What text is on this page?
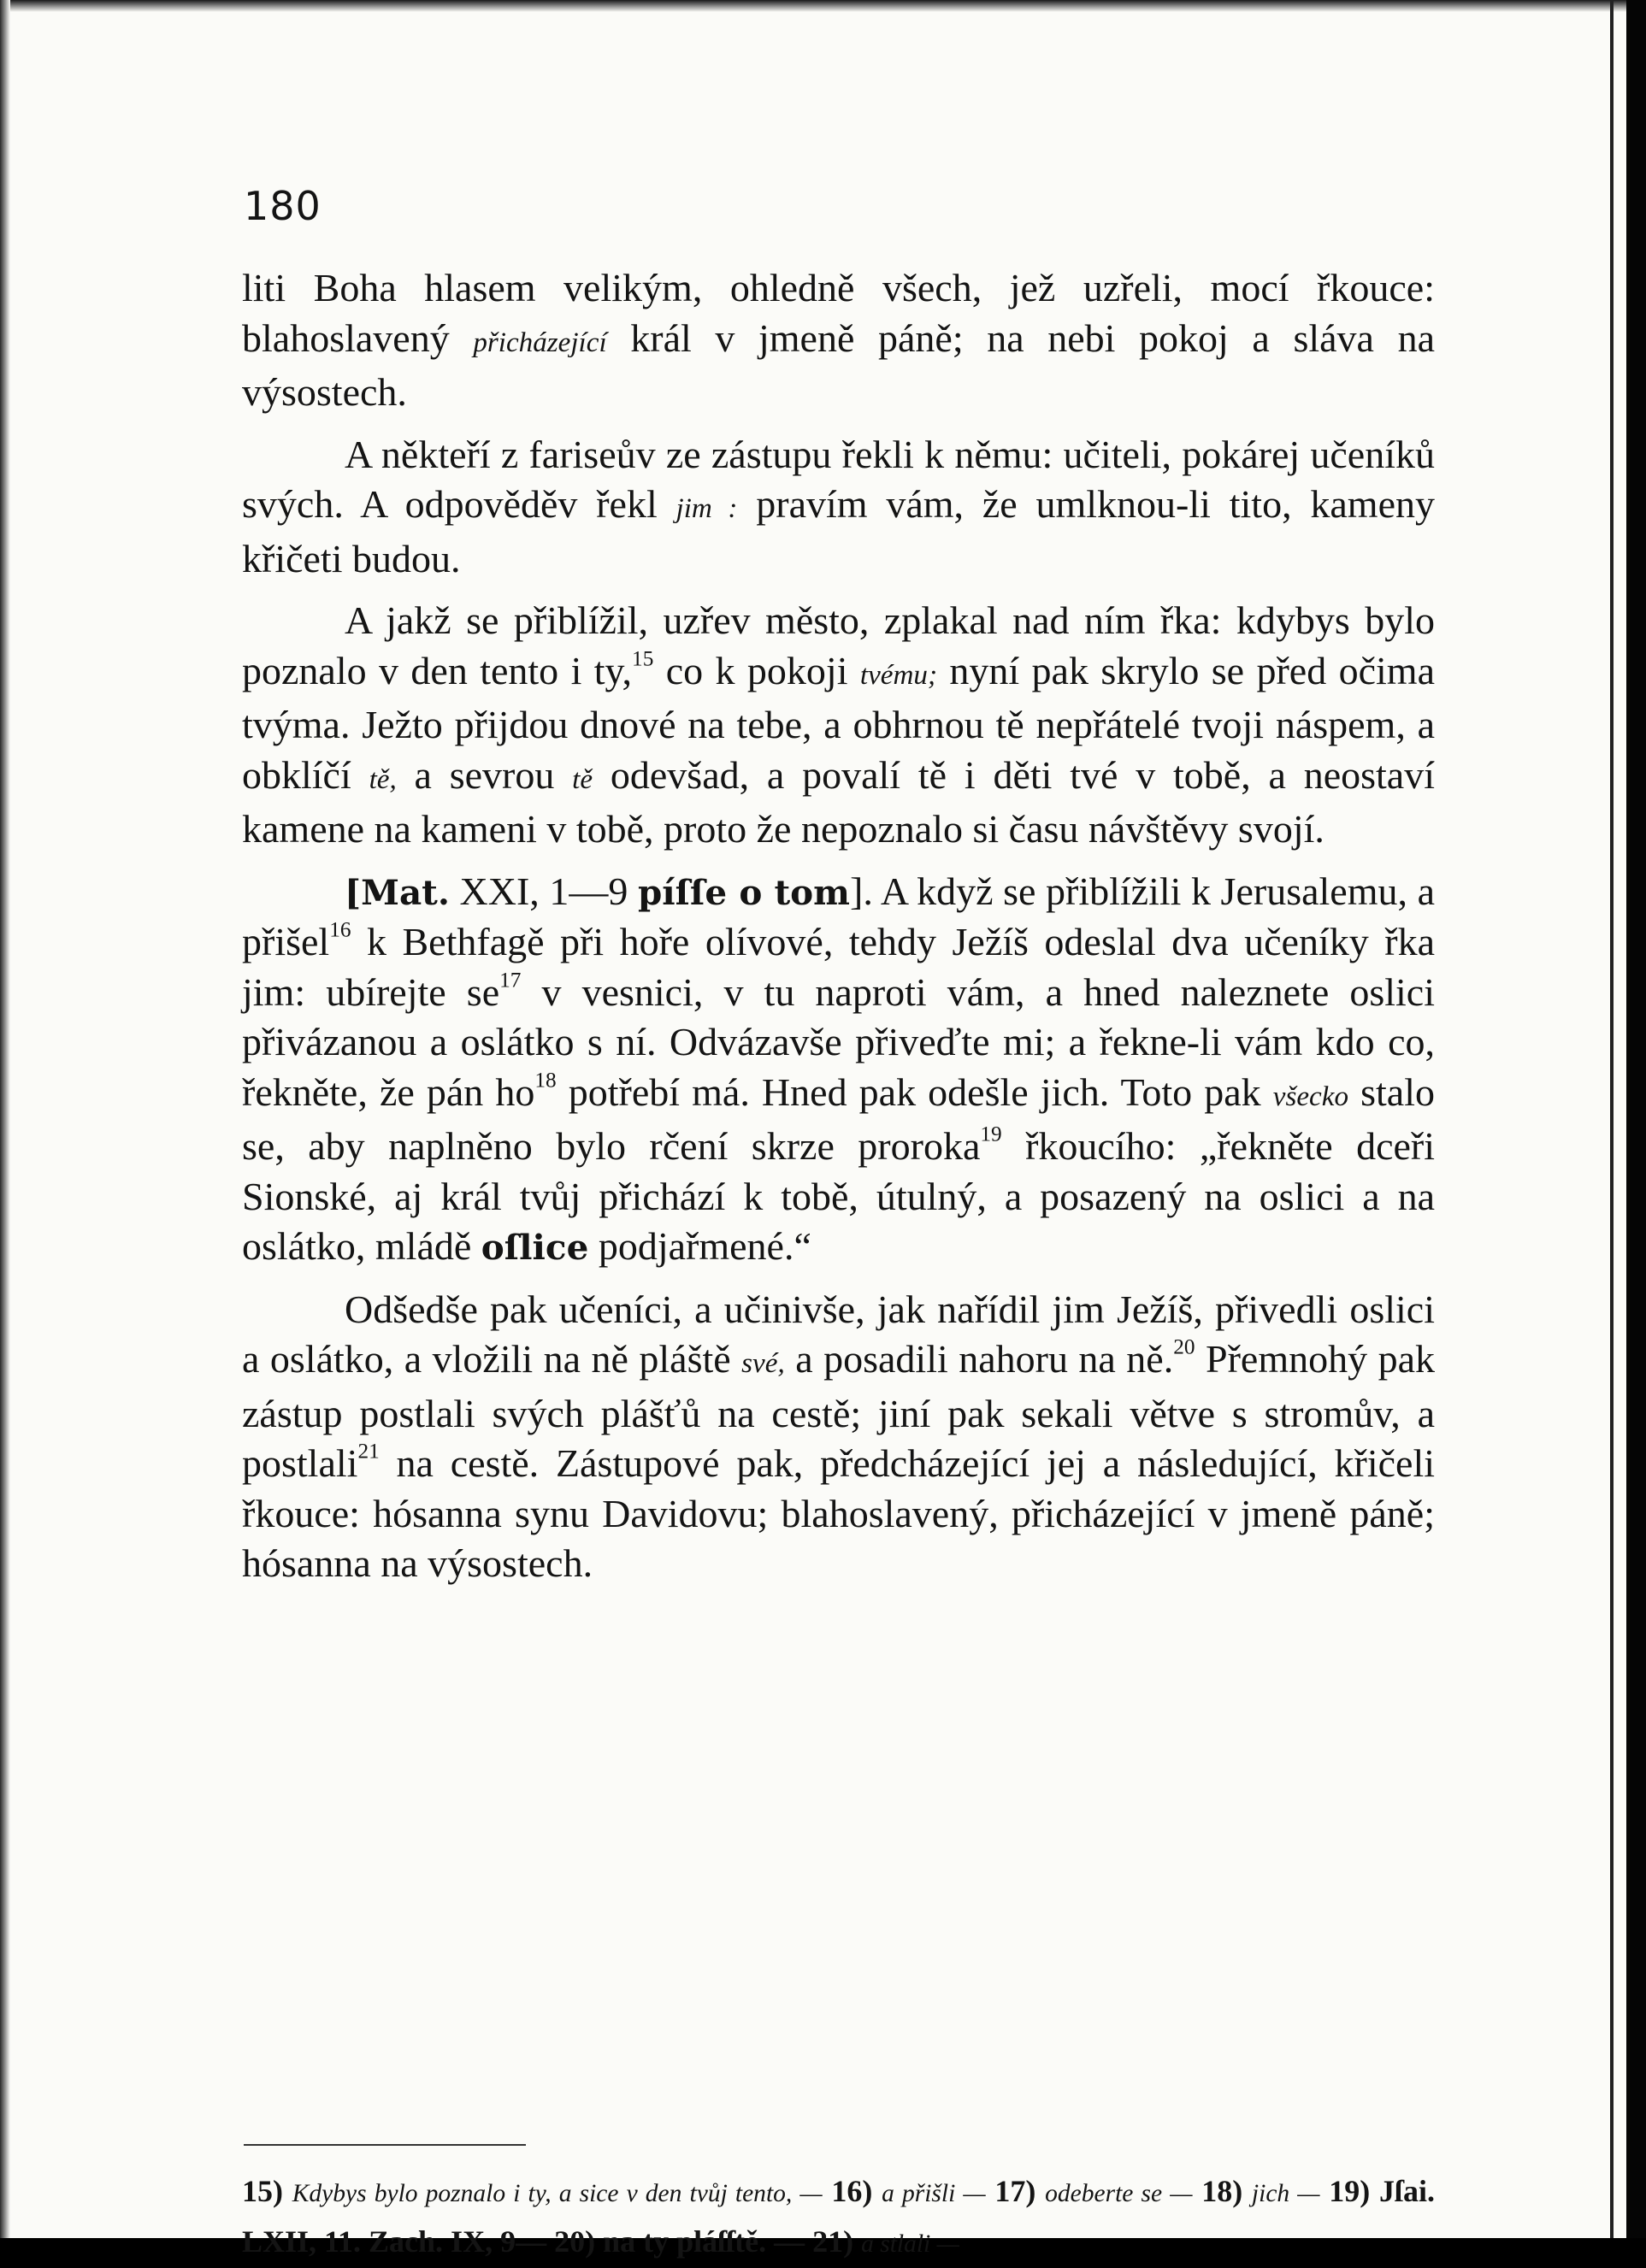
180

liti Boha hlasem velikým, ohledně všech, jež uzřeli, mocí řkouce: blahoslavený přicházející král v jmeně páně; na nebi pokoj a sláva na výsostech.

A někteří z fariseův ze zástupu řekli k němu: učiteli, pokárej učeníků svých. A odpověděv řekl jim : pravím vám, že umlknou-li tito, kameny křičeti budou.

A jakž se přiblížil, uzřev město, zplakal nad ním řka: kdybys bylo poznalo v den tento i ty,$^{15}$ co k pokoji tvému; nyní pak skrylo se před očima tvýma. Ježto přijdou dnové na tebe, a obhrnou tě nepřátelé tvoji náspem, a obklíčí tě, a sevrou tě odevšad, a povalí tě i děti tvé v tobě, a neostaví kamene na kameni v tobě, proto že nepoznalo si času návštěvy svojí.

[Mat. XXI, 1—9 píſſe o tom]. A když se přiblížili k Jerusalemu, a přišel$^{16}$ k Bethfagě při hoře olívové, tehdy Ježíš odeslal dva učeníky řka jim: ubírejte $se^{17}$ v vesnici, v tu naproti vám, a hned naleznete oslici přivázanou a oslátko s ní. Odvázavše přiveďte mi; a řekne-li vám kdo co, řekněte, že pán $ho^{18}$ potřebí má. Hned pak odešle jich. Toto pak všecko stalo se, aby naplněno bylo rčení skrze proroka$^{19}$ řkoucího: „řekněte dceři Sionské, aj král tvůj přichází k tobě, útulný, a posazený na oslici a na oslátko, mládě oſlice podjařmené.“

Odšedše pak učeníci, a učinivše, jak nařídil jim Ježíš, přivedli oslici a oslátko, a vložili na ně pláště své, a posadili nahoru na ně.$^{20}$ Přemnohý pak zástup postlali svých plášťů na cestě; jiní pak sekali větve s stromův, a postlali$^{21}$ na cestě. Zástupové pak, předcházející jej a následující, křičeli řkouce: hósanna synu Davidovu; blahoslavený, přicházející v jmeně páně; hósanna na výsostech.

15) Kdybys bylo poznalo i ty, a sice v den tvůj tento, — 16) a přišli — 17) odeberte se — 18) jich — 19) Jſai. LXII, 11. Zach. IX, 9— 20) na ty pláſſtě. — 21) a stlali —
